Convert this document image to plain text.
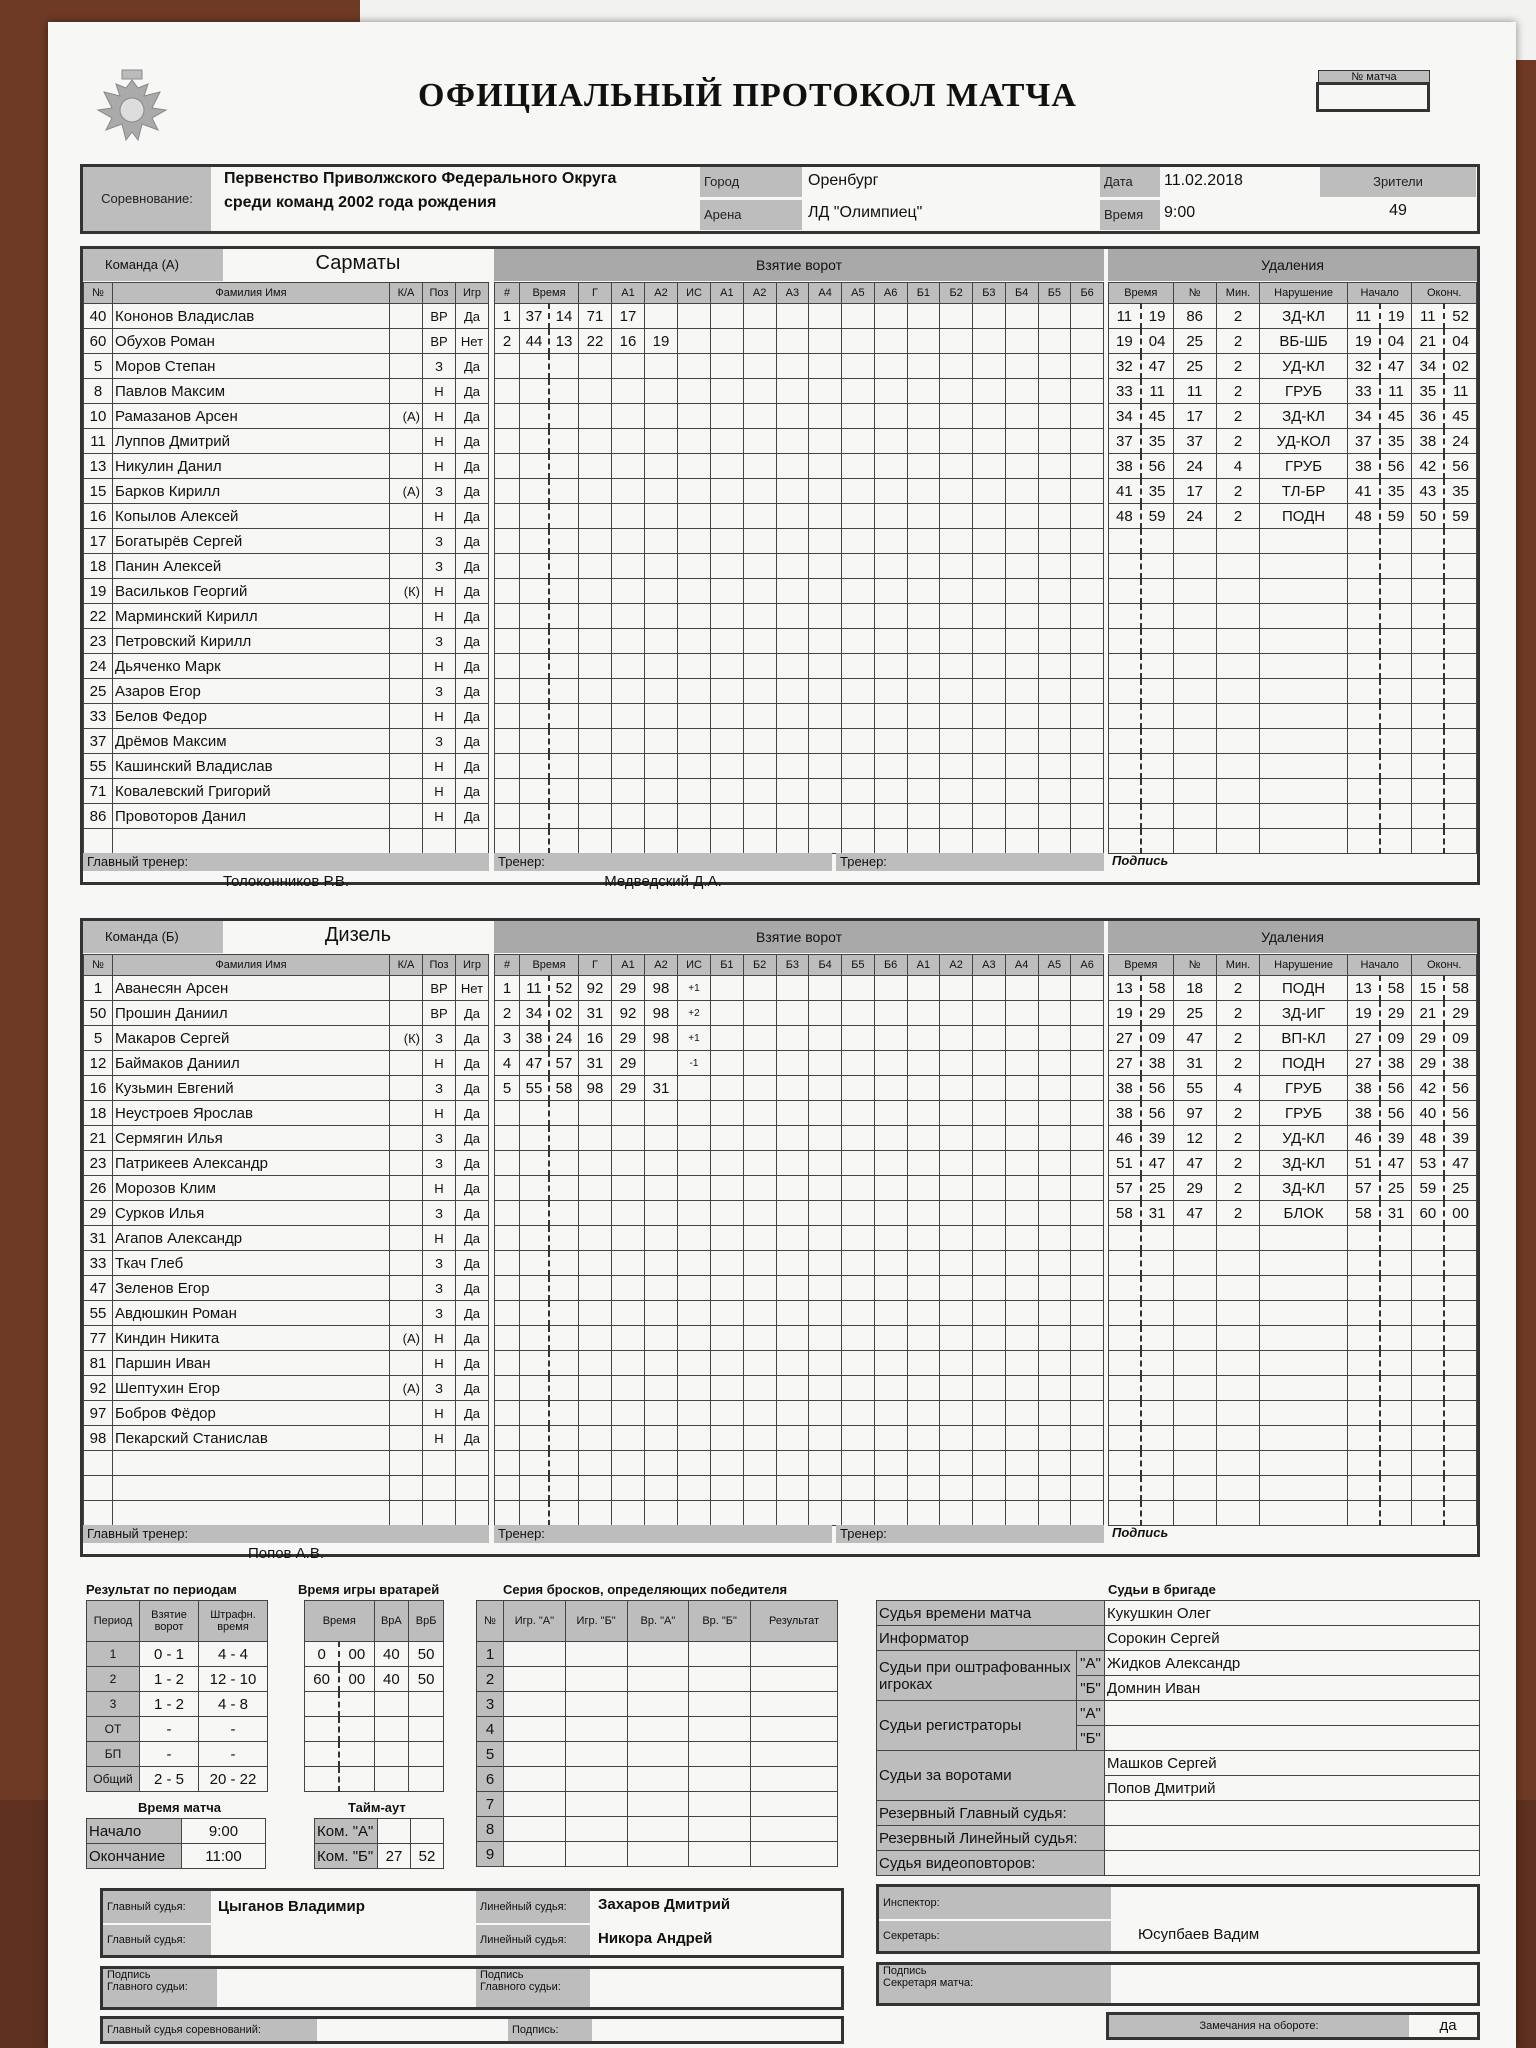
ОФИЦИАЛЬНЫЙ ПРОТОКОЛ МАТЧА	№ матча
Соревнование:
Первенство Приволжского Федерального Округа
среди команд 2002 года рождения
Город	Оренбург
Арена	ЛД "Олимпиец"
Дата	11.02.2018
Время	9:00
Зрители
49
Команда (А)	Сарматы	Взятие ворот	Удаления
№	Фамилия Имя	К/А	Поз	Игр
40	Кононов Владислав		ВР	Да
60	Обухов Роман		ВР	Нет
5	Моров Степан		З	Да
8	Павлов Максим		Н	Да
10	Рамазанов Арсен	(А)	Н	Да
11	Луппов Дмитрий		Н	Да
13	Никулин Данил		Н	Да
15	Барков Кирилл	(А)	З	Да
16	Копылов Алексей		Н	Да
17	Богатырёв Сергей		З	Да
18	Панин Алексей		З	Да
19	Васильков Георгий	(К)	Н	Да
22	Марминский Кирилл		Н	Да
23	Петровский Кирилл		З	Да
24	Дьяченко Марк		Н	Да
25	Азаров Егор		З	Да
33	Белов Федор		Н	Да
37	Дрёмов Максим		З	Да
55	Кашинский Владислав		Н	Да
71	Ковалевский Григорий		Н	Да
86	Провоторов Данил		Н	Да

#	Время		Г	А1	А2	ИС	А1	А2	А3	А4	А5	А6	Б1	Б2	Б3	Б4	Б5	Б6
1	37	14	71	17														
2	44	13	22	16	19													

Время		№	Мин.	Нарушение	Начало		Оконч.	
11	19	86	2	ЗД-КЛ	11	19	11	52
19	04	25	2	ВБ-ШБ	19	04	21	04
32	47	25	2	УД-КЛ	32	47	34	02
33	11	11	2	ГРУБ	33	11	35	11
34	45	17	2	ЗД-КЛ	34	45	36	45
37	35	37	2	УД-КОЛ	37	35	38	24
38	56	24	4	ГРУБ	38	56	42	56
41	35	17	2	ТЛ-БР	41	35	43	35
48	59	24	2	ПОДН	48	59	50	59

Главный тренер:
Толоконников Р.В.
Тренер:
Медведский Д.А.
Тренер:	Подпись
Команда (Б)	Дизель	Взятие ворот	Удаления
№	Фамилия Имя	К/А	Поз	Игр
1	Аванесян Арсен		ВР	Нет
50	Прошин Даниил		ВР	Да
5	Макаров Сергей	(К)	З	Да
12	Баймаков Даниил		Н	Да
16	Кузьмин Евгений		З	Да
18	Неустроев Ярослав		Н	Да
21	Сермягин Илья		З	Да
23	Патрикеев Александр		З	Да
26	Морозов Клим		Н	Да
29	Сурков Илья		З	Да
31	Агапов Александр		Н	Да
33	Ткач Глеб		З	Да
47	Зеленов Егор		З	Да
55	Авдюшкин Роман		З	Да
77	Киндин Никита	(А)	Н	Да
81	Паршин Иван		Н	Да
92	Шептухин Егор	(А)	З	Да
97	Бобров Фёдор		Н	Да
98	Пекарский Станислав		Н	Да

#	Время		Г	А1	А2	ИС	Б1	Б2	Б3	Б4	Б5	Б6	А1	А2	А3	А4	А5	А6
1	11	52	92	29	98	+1												
2	34	02	31	92	98	+2												
3	38	24	16	29	98	+1												
4	47	57	31	29		-1												
5	55	58	98	29	31													

Время		№	Мин.	Нарушение	Начало		Оконч.	
13	58	18	2	ПОДН	13	58	15	58
19	29	25	2	ЗД-ИГ	19	29	21	29
27	09	47	2	ВП-КЛ	27	09	29	09
27	38	31	2	ПОДН	27	38	29	38
38	56	55	4	ГРУБ	38	56	42	56
38	56	97	2	ГРУБ	38	56	40	56
46	39	12	2	УД-КЛ	46	39	48	39
51	47	47	2	ЗД-КЛ	51	47	53	47
57	25	29	2	ЗД-КЛ	57	25	59	25
58	31	47	2	БЛОК	58	31	60	00

Главный тренер:
Попов А.В.
Тренер:	Тренер:	Подпись
Результат по периодам
Период	Взятие ворот	Штрафн. время
1	0 - 1	4 - 4
2	1 - 2	12 - 10
3	1 - 2	4 - 8
ОТ	-	-
БП	-	-
Общий	2 - 5	20 - 22
Время матча
Начало	9:00
Окончание	11:00
Время игры вратарей
Время		ВрА	ВрБ
0	00	40	50
60	00	40	50

Тайм-аут
Ком. "А"		
Ком. "Б"	27	52
Серия бросков, определяющих победителя
№	Игр. "А"	Игр. "Б"	Вр. "А"	Вр. "Б"	Результат
1					
2					
3					
4					
5					
6					
7					
8					
9					
Судьи в бригаде
Судья времени матча		Кукушкин Олег
Информатор		Сорокин Сергей
Судьи при оштрафованных игроках	"А"	Жидков Александр
	"Б"	Домнин Иван
Судьи регистраторы	"А"	
	"Б"	
Судьи за воротами		Машков Сергей
		Попов Дмитрий
Резервный Главный судья:		
Резервный Линейный судья:		
Судья видеоповторов:		
Главный судья:	Цыганов Владимир
Главный судья:
Линейный судья:	Захаров Дмитрий
Линейный судья:	Никора Андрей
Инспектор:
Секретарь:	Юсупбаев Вадим
Подпись
Главного судьи:
Подпись
Главного судьи:
Подпись
Секретаря матча:
Главный судья соревнований:	Подпись:	Замечания на обороте:	да
